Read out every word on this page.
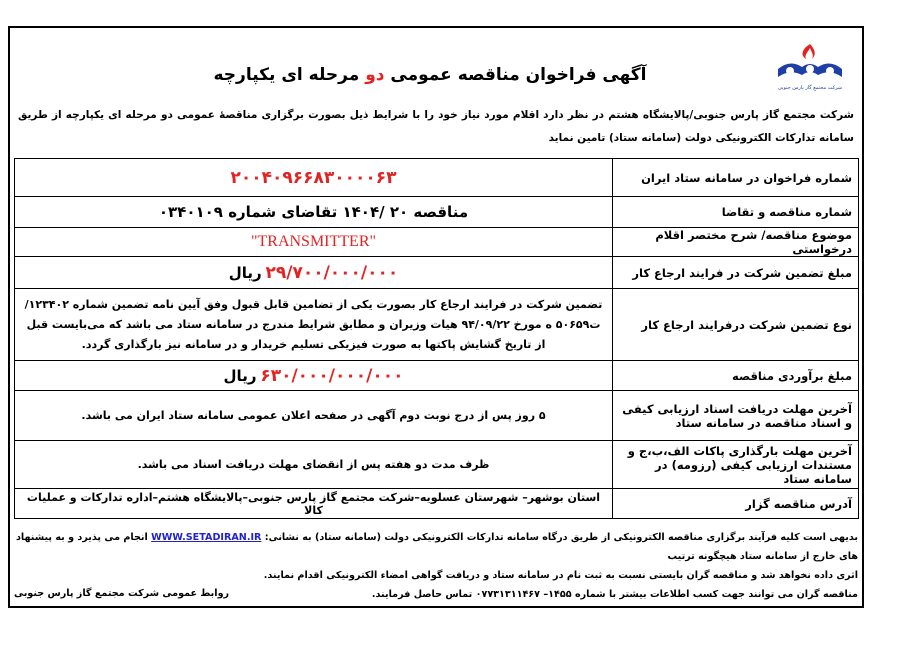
شرکت مجتمع گاز پارس جنوبی
آگهی فراخوان مناقصه عمومی دو مرحله ای یکپارچه
شرکت مجتمع گاز پارس جنوبی/پالایشگاه هشتم در نظر دارد اقلام مورد نیاز خود را با شرایط ذیل بصورت برگزاری مناقصهٔ عمومی دو مرحله ای یکپارچه از طریق سامانه تدارکات الکترونیکی دولت (سامانه ستاد) تامین نماید
شماره فراخوان در سامانه ستاد ایران	۲۰۰۴۰۹۶۶۸۳۰۰۰۰۶۳
شماره مناقصه و تقاضا	مناقصه ۲۰ /۱۴۰۴ تقاضای شماره ۰۳۴۰۱۰۹
موضوع مناقصه/ شرح مختصر اقلام درخواستی	"TRANSMITTER"
مبلغ تضمین شرکت در فرایند ارجاع کار	۲۹/۷۰۰/۰۰۰/۰۰۰ ریال
نوع تضمین شرکت درفرایند ارجاع کار	تضمین شرکت در فرایند ارجاع کار بصورت یکی از تضامین قابل قبول وفق آیین نامه تضمین شماره ۱۲۳۴۰۲/ت۵۰۶۵۹ ه مورخ ۹۴/۰۹/۲۲ هیات وزیران و مطابق شرایط مندرج در سامانه ستاد می باشد که می‌بایست قبل از تاریخ گشایش پاکتها به صورت فیزیکی تسلیم خریدار و در سامانه نیز بارگذاری گردد.
مبلغ برآوردی مناقصه	۶۳۰/۰۰۰/۰۰۰/۰۰۰ ریال
آخرین مهلت دریافت اسناد ارزیابی کیفی و اسناد مناقصه در سامانه ستاد	۵ روز پس از درج نوبت دوم آگهی در صفحه اعلان عمومی سامانه ستاد ایران می باشد.
آخرین مهلت بارگذاری پاکات الف،ب،ج و مستندات ارزیابی کیفی (رزومه) در سامانه ستاد	ظرف مدت دو هفته پس از انقضای مهلت دریافت اسناد می باشد.
آدرس مناقصه گزار	استان بوشهر– شهرستان عسلویه–شرکت مجتمع گاز پارس جنوبی–پالایشگاه هشتم–اداره تدارکات و عملیات کالا
بدیهی است کلیه فرآیند برگزاری مناقصه الکترونیکی از طریق درگاه سامانه تدارکات الکترونیکی دولت (سامانه ستاد) به نشانی: WWW.SETADIRAN.IR انجام می پذیرد و به پیشنهاد های خارج از سامانه ستاد هیچگونه ترتیب
اثری داده نخواهد شد و مناقصه گران بایستی نسبت به ثبت نام در سامانه ستاد و دریافت گواهی امضاء الکترونیکی اقدام نمایند.
مناقصه گران می توانند جهت کسب اطلاعات بیشتر با شماره ۱۴۵۵– ۰۷۷۳۱۳۱۱۴۶۷ تماس حاصل فرمایند.
روابط عمومی شرکت مجتمع گاز پارس جنوبی
